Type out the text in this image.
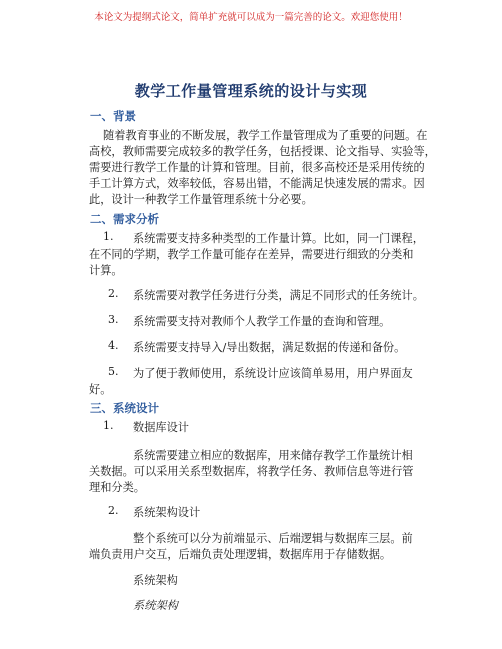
本论文为提纲式论文，简单扩充就可以成为一篇完善的论文。欢迎您使用！
教学工作量管理系统的设计与实现
一、背景
随着教育事业的不断发展，教学工作量管理成为了重要的问题。在
高校，教师需要完成较多的教学任务，包括授课、论文指导、实验等，
需要进行教学工作量的计算和管理。目前，很多高校还是采用传统的
手工计算方式，效率较低，容易出错，不能满足快速发展的需求。因
此，设计一种教学工作量管理系统十分必要。
二、需求分析
1. 系统需要支持多种类型的工作量计算。比如，同一门课程，
在不同的学期，教学工作量可能存在差异，需要进行细致的分类和
计算。
2. 系统需要对教学任务进行分类，满足不同形式的任务统计。
3. 系统需要支持对教师个人教学工作量的查询和管理。
4. 系统需要支持导入/导出数据，满足数据的传递和备份。
5. 为了便于教师使用，系统设计应该简单易用，用户界面友
好。
三、系统设计
1. 数据库设计
系统需要建立相应的数据库，用来储存教学工作量统计相
关数据。可以采用关系型数据库，将教学任务、教师信息等进行管
理和分类。
2. 系统架构设计
整个系统可以分为前端显示、后端逻辑与数据库三层。前
端负责用户交互，后端负责处理逻辑，数据库用于存储数据。
系统架构
系统架构
